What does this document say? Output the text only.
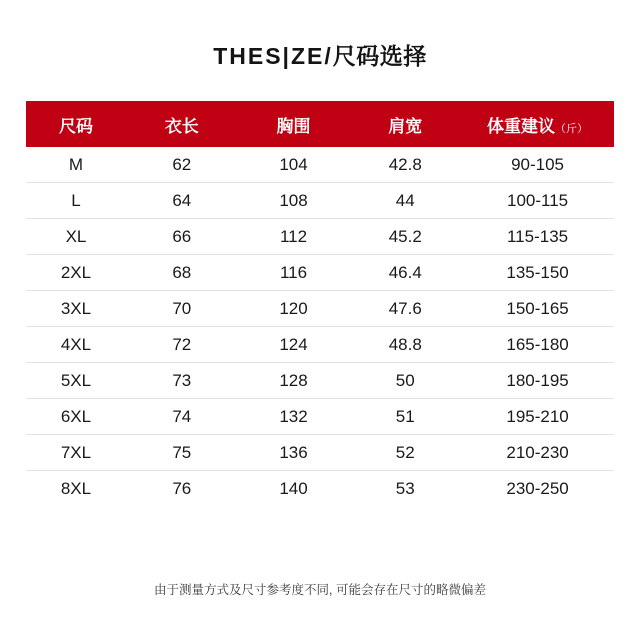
THES|ZE/尺码选择
尺码	衣长	胸围	肩宽	体重建议（斤）
M	62	104	42.8	90-105
L	64	108	44	100-115
XL	66	112	45.2	115-135
2XL	68	116	46.4	135-150
3XL	70	120	47.6	150-165
4XL	72	124	48.8	165-180
5XL	73	128	50	180-195
6XL	74	132	51	195-210
7XL	75	136	52	210-230
8XL	76	140	53	230-250
由于测量方式及尺寸参考度不同, 可能会存在尺寸的略微偏差
